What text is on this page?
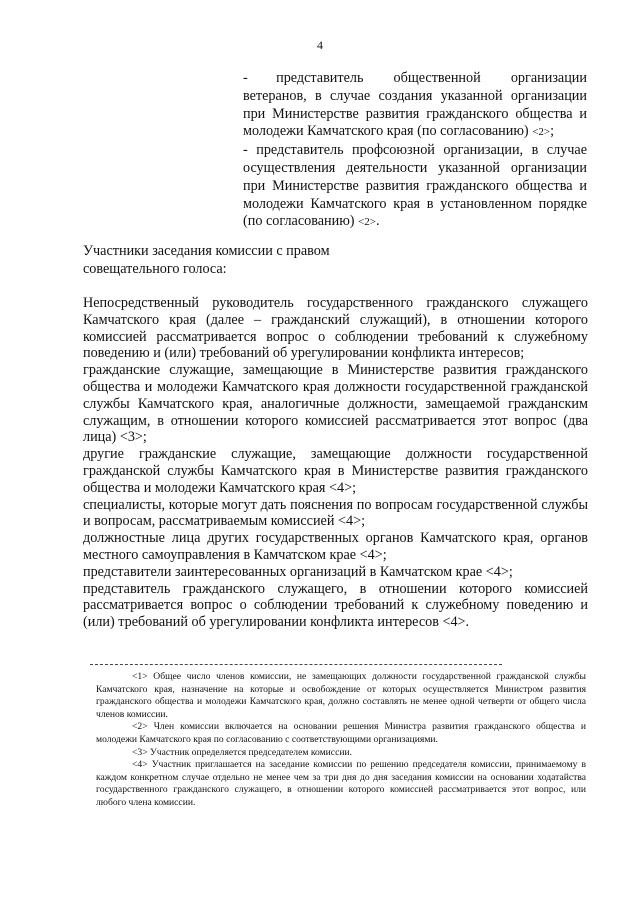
4

-  представитель общественной организации ветеранов, в случае создания указанной организации при Министерстве развития гражданского общества и молодежи Камчатского края (по согласованию) <2>;

- представитель профсоюзной организации, в случае осуществления деятельности указанной организации при Министерстве развития гражданского общества и молодежи Камчатского края в установленном порядке (по согласованию) <2>.

Участники заседания комиссии с правом

совещательного голоса:

Непосредственный руководитель государственного гражданского служащего Камчатского края (далее – гражданский служащий), в отношении которого комиссией рассматривается вопрос о соблюдении требований к служебному поведению и (или) требований об урегулировании конфликта интересов;

гражданские служащие, замещающие в Министерстве развития гражданского общества и молодежи Камчатского края должности государственной гражданской службы Камчатского края, аналогичные должности, замещаемой гражданским служащим, в отношении которого комиссией рассматривается этот вопрос (два лица) <3>;

другие гражданские служащие, замещающие должности государственной гражданской службы Камчатского края в Министерстве развития гражданского общества и молодежи Камчатского края <4>;

специалисты, которые могут дать пояснения по вопросам государственной службы и вопросам, рассматриваемым комиссией <4>;

должностные лица других государственных органов Камчатского края, органов местного самоуправления в Камчатском крае <4>;

представители заинтересованных организаций в Камчатском крае <4>;

представитель гражданского служащего, в отношении которого комиссией рассматривается вопрос о соблюдении требований к служебному поведению и (или) требований об урегулировании конфликта интересов <4>.

<1> Общее число членов комиссии, не замещающих должности государственной гражданской службы Камчатского края, назначение на которые и освобождение от которых осуществляется Министром развития гражданского общества и молодежи Камчатского края, должно составлять не менее одной четверти от общего числа членов комиссии.

<2> Член комиссии включается на основании решения Министра развития гражданского общества и молодежи Камчатского края по согласованию с соответствующими организациями.

<3> Участник определяется председателем комиссии.

<4> Участник приглашается на заседание комиссии по решению председателя комиссии, принимаемому в каждом конкретном случае отдельно не менее чем за три дня до дня заседания комиссии на основании ходатайства государственного гражданского служащего, в отношении которого комиссией рассматривается этот вопрос, или любого члена комиссии.
